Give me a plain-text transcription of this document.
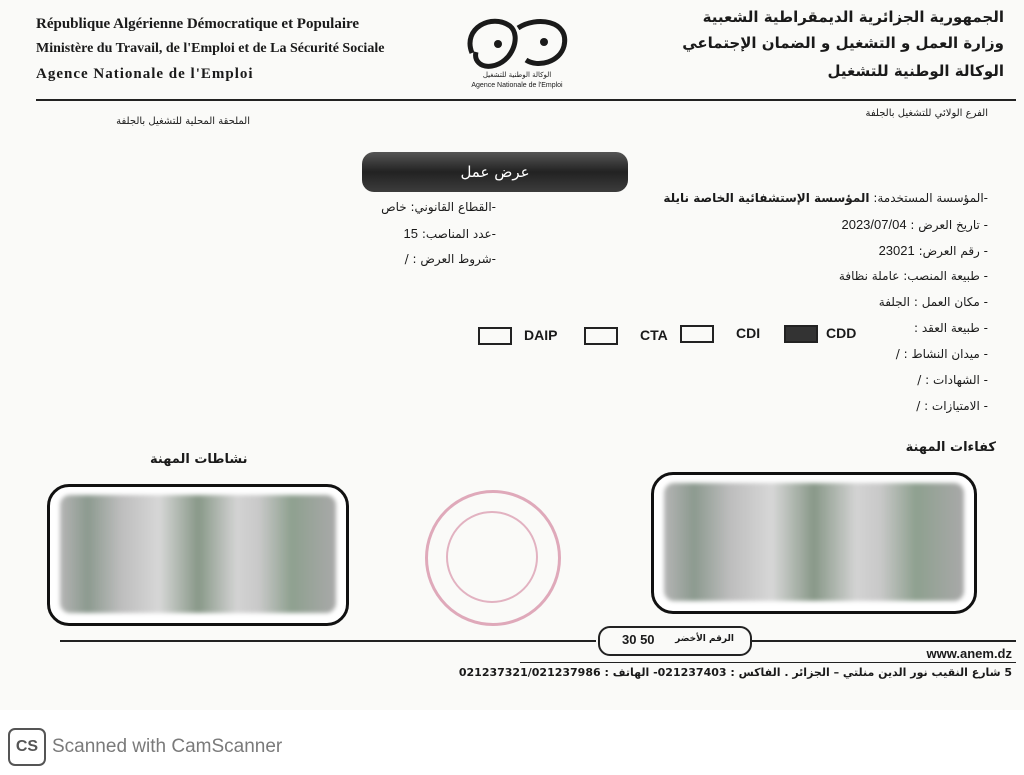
République Algérienne Démocratique et Populaire
Ministère du Travail, de l'Emploi et de La Sécurité Sociale
Agence Nationale de l'Emploi	الوكالة الوطنية للتشغيل
Agence Nationale de l'Emploi
الجمهورية الجزائرية الديمقراطية الشعبية
وزارة العمل و التشغيل و الضمان الإجتماعي
الوكالة الوطنية للتشغيل
الملحقة المحلية للتشغيل بالجلفة
الفرع الولائي للتشغيل بالجلفة
عرض عمل
-المؤسسة المستخدمة: المؤسسة الإستشفائية الخاصة نايلة
- تاريخ العرض : 2023/07/04
- رقم العرض: 23021
- طبيعة المنصب: عاملة نظافة
- مكان العمل : الجلفة
- طبيعة العقد :
- ميدان النشاط : /
- الشهادات : /
- الامتيازات : /
-القطاع القانوني: خاص
-عدد المناصب: 15
-شروط العرض : /
DAIP	CTA	CDI	CDD
كفاءات المهنة
نشاطات المهنة
30 50 الرقم الأخضر
www.anem.dz
5 شارع النقيب نور الدين منلتي – الجزائر . الفاكس : 021237403- الهاتف : 021237321/021237986
CS Scanned with CamScanner
